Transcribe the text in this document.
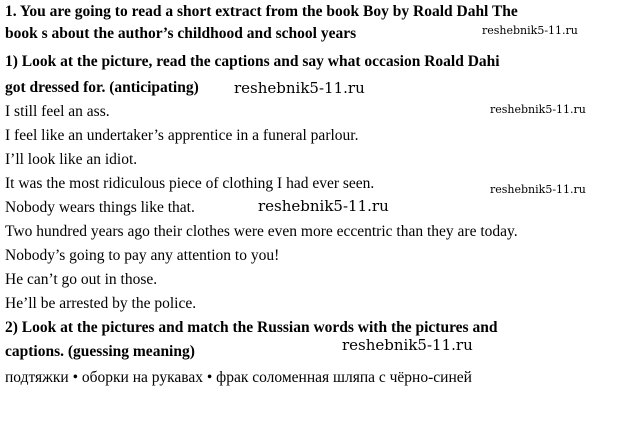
1. You are going to read a short extract from the book Boy by Roald Dahl The
book s about the author’s childhood and school years
1) Look at the picture, read the captions and say what occasion Roald Dahi
got dressed for. (anticipating)
I still feel an ass.
I feel like an undertaker’s apprentice in a funeral parlour.
I’ll look like an idiot.
It was the most ridiculous piece of clothing I had ever seen.
Nobody wears things like that.
Two hundred years ago their clothes were even more eccentric than they are today.
Nobody’s going to pay any attention to you!
He can’t go out in those.
He’ll be arrested by the police.
2) Look at the pictures and match the Russian words with the pictures and
captions. (guessing meaning)
подтяжки • оборки на рукавах • фрак соломенная шляпа с чёрно-синей
reshebnik5-11.ru
reshebnik5-11.ru
reshebnik5-11.ru
reshebnik5-11.ru
reshebnik5-11.ru
reshebnik5-11.ru
